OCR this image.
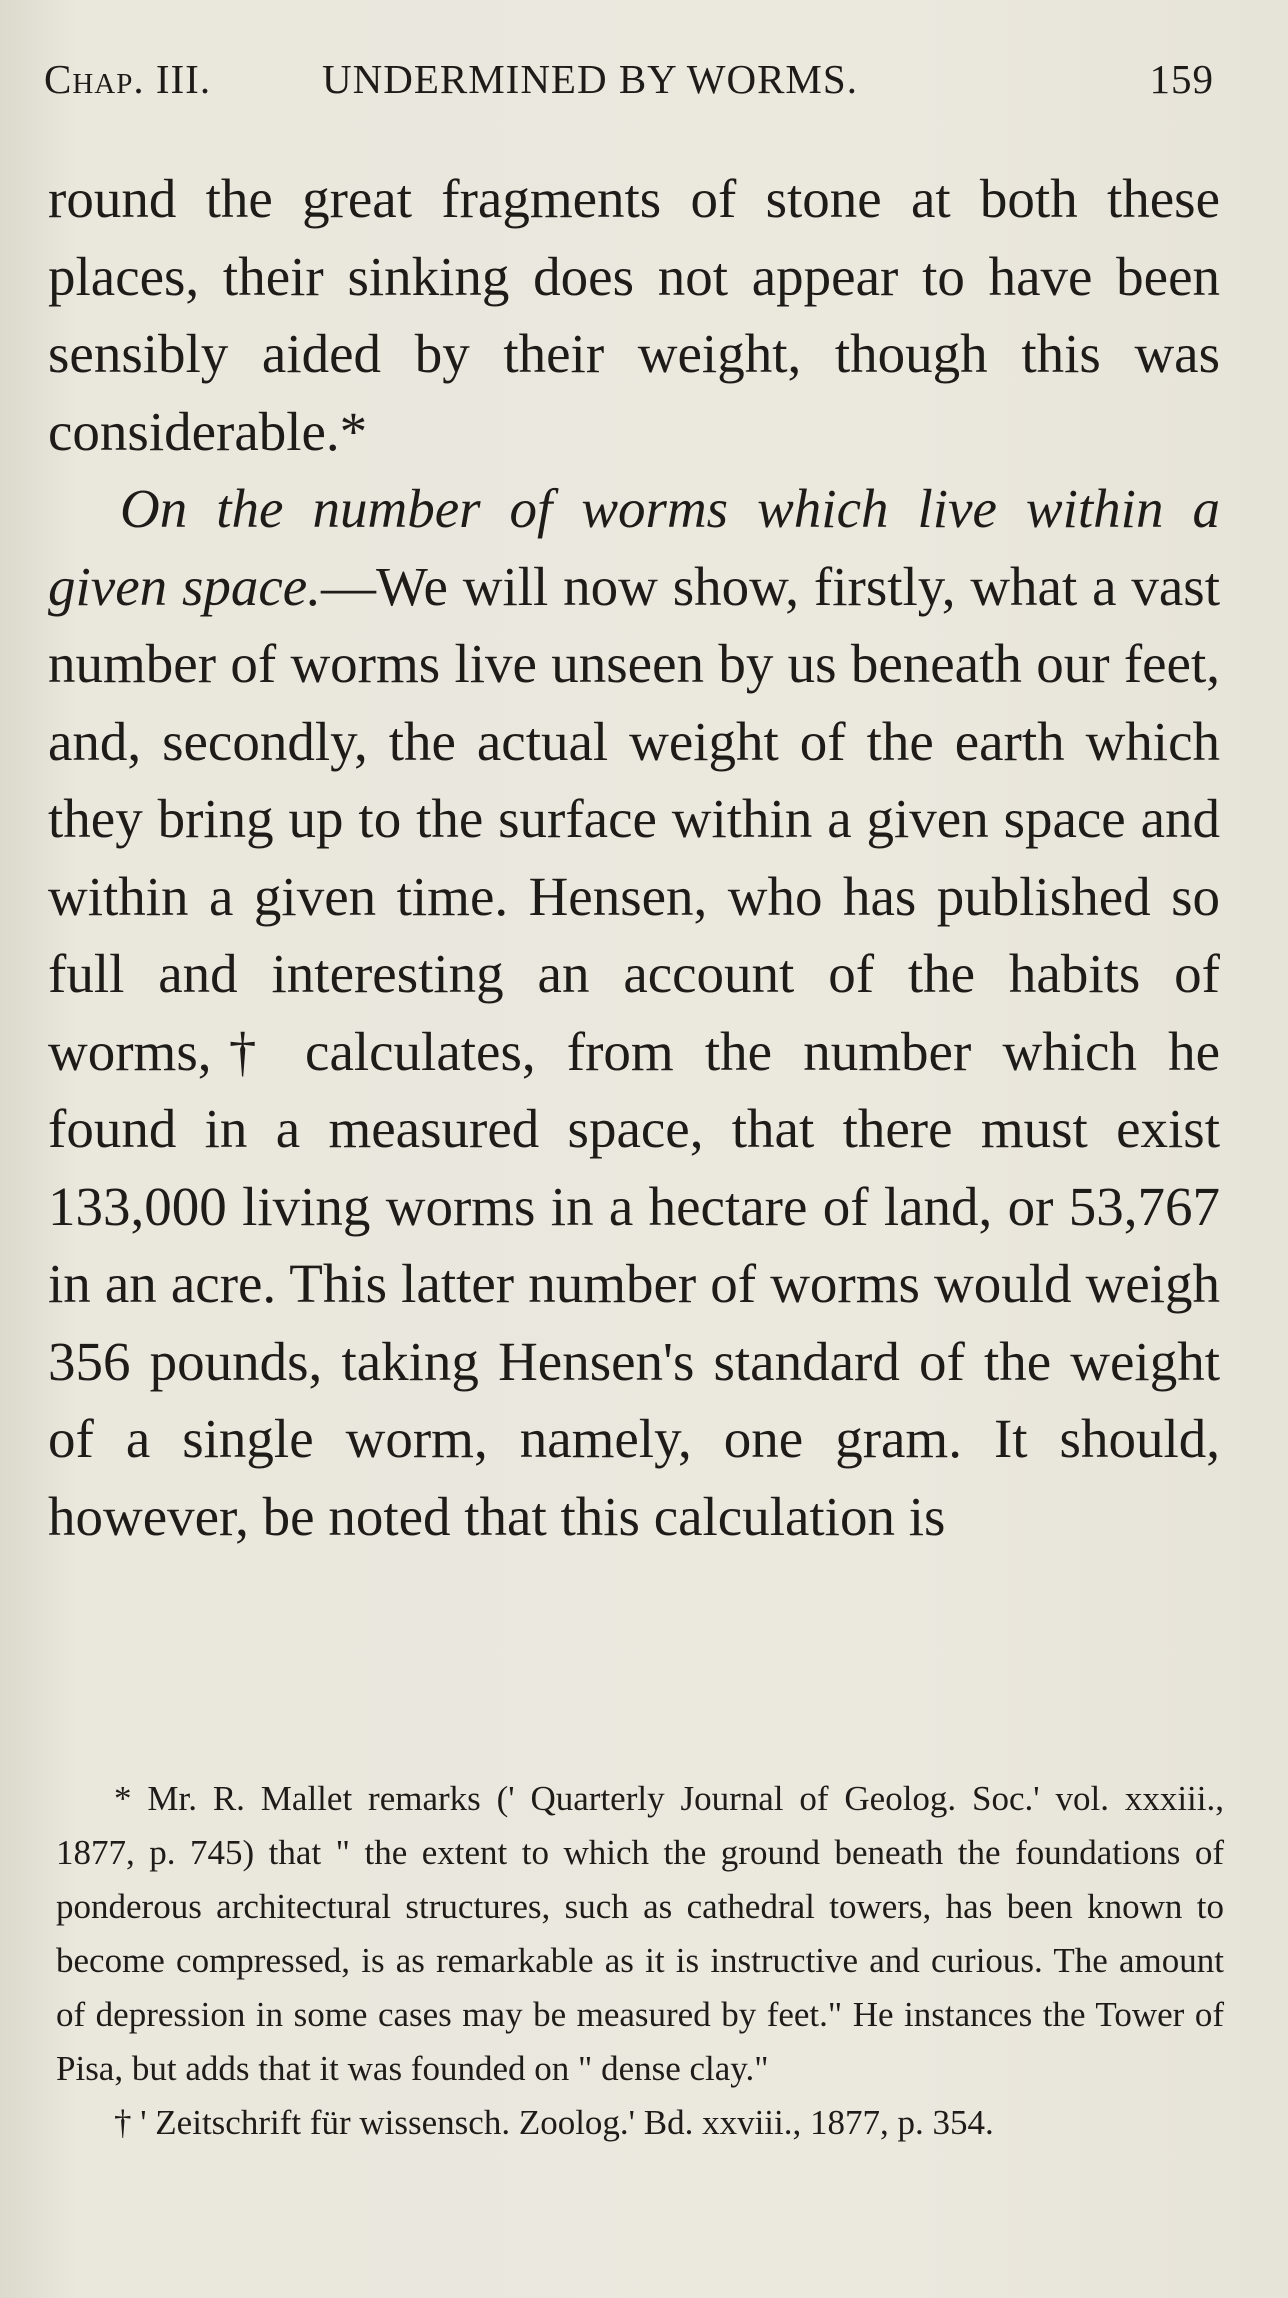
Chap. III.	UNDERMINED BY WORMS.	159

round the great fragments of stone at both these places, their sinking does not appear to have been sensibly aided by their weight, though this was considerable.*

On the number of worms which live within a given space.—We will now show, firstly, what a vast number of worms live unseen by us beneath our feet, and, secondly, the actual weight of the earth which they bring up to the surface within a given space and within a given time. Hensen, who has published so full and interesting an account of the habits of worms,† calculates, from the number which he found in a measured space, that there must exist 133,000 living worms in a hectare of land, or 53,767 in an acre. This latter number of worms would weigh 356 pounds, taking Hensen's standard of the weight of a single worm, namely, one gram. It should, however, be noted that this calculation is

* Mr. R. Mallet remarks (' Quarterly Journal of Geolog. Soc.' vol. xxxiii., 1877, p. 745) that " the extent to which the ground beneath the foundations of ponderous architectural structures, such as cathedral towers, has been known to become compressed, is as remarkable as it is instructive and curious. The amount of depression in some cases may be measured by feet." He instances the Tower of Pisa, but adds that it was founded on " dense clay."

† ' Zeitschrift für wissensch. Zoolog.' Bd. xxviii., 1877, p. 354.
